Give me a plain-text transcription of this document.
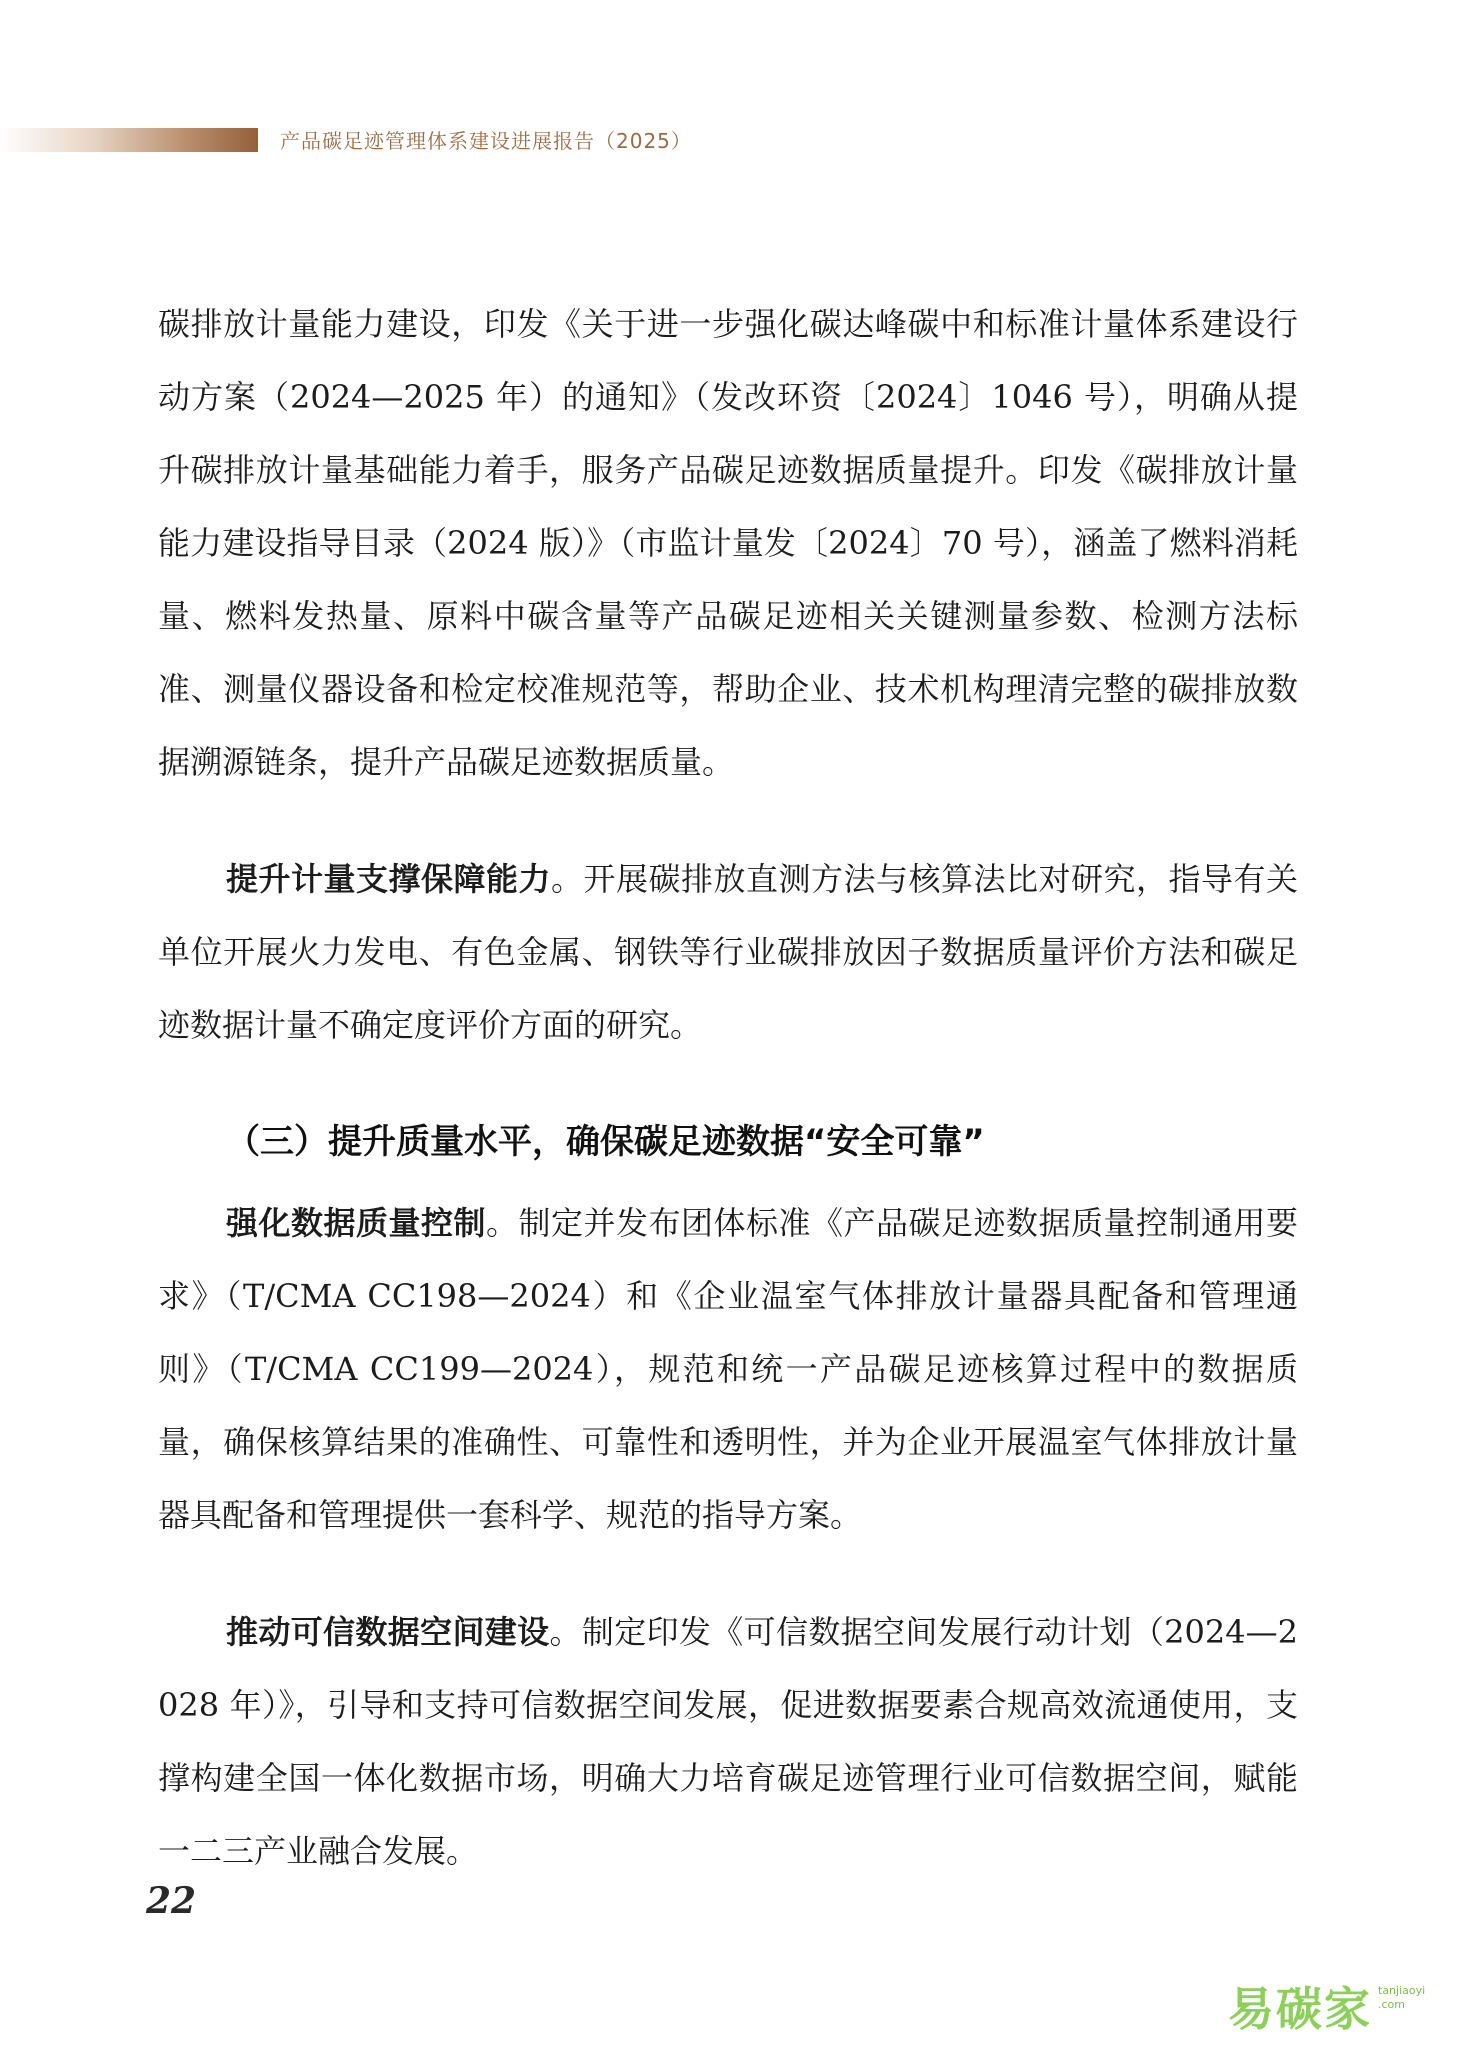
产品碳足迹管理体系建设进展报告（2025）

碳排放计量能力建设，印发《关于进一步强化碳达峰碳中和标准计量体系建设行动方案（2024—2025 年）的通知》（发改环资〔2024〕1046 号），明确从提升碳排放计量基础能力着手，服务产品碳足迹数据质量提升。印发《碳排放计量能力建设指导目录（2024 版）》（市监计量发〔2024〕70 号），涵盖了燃料消耗量、燃料发热量、原料中碳含量等产品碳足迹相关关键测量参数、检测方法标准、测量仪器设备和检定校准规范等，帮助企业、技术机构理清完整的碳排放数据溯源链条，提升产品碳足迹数据质量。

提升计量支撑保障能力。开展碳排放直测方法与核算法比对研究，指导有关单位开展火力发电、有色金属、钢铁等行业碳排放因子数据质量评价方法和碳足迹数据计量不确定度评价方面的研究。

（三）提升质量水平，确保碳足迹数据“安全可靠”

强化数据质量控制。制定并发布团体标准《产品碳足迹数据质量控制通用要求》（T/CMA CC198—2024）和《企业温室气体排放计量器具配备和管理通则》（T/CMA CC199—2024），规范和统一产品碳足迹核算过程中的数据质量，确保核算结果的准确性、可靠性和透明性，并为企业开展温室气体排放计量器具配备和管理提供一套科学、规范的指导方案。

推动可信数据空间建设。制定印发《可信数据空间发展行动计划（2024—2028 年）》，引导和支持可信数据空间发展，促进数据要素合规高效流通使用，支撑构建全国一体化数据市场，明确大力培育碳足迹管理行业可信数据空间，赋能一二三产业融合发展。

22
易碳家 tanjiaoyi
.com
